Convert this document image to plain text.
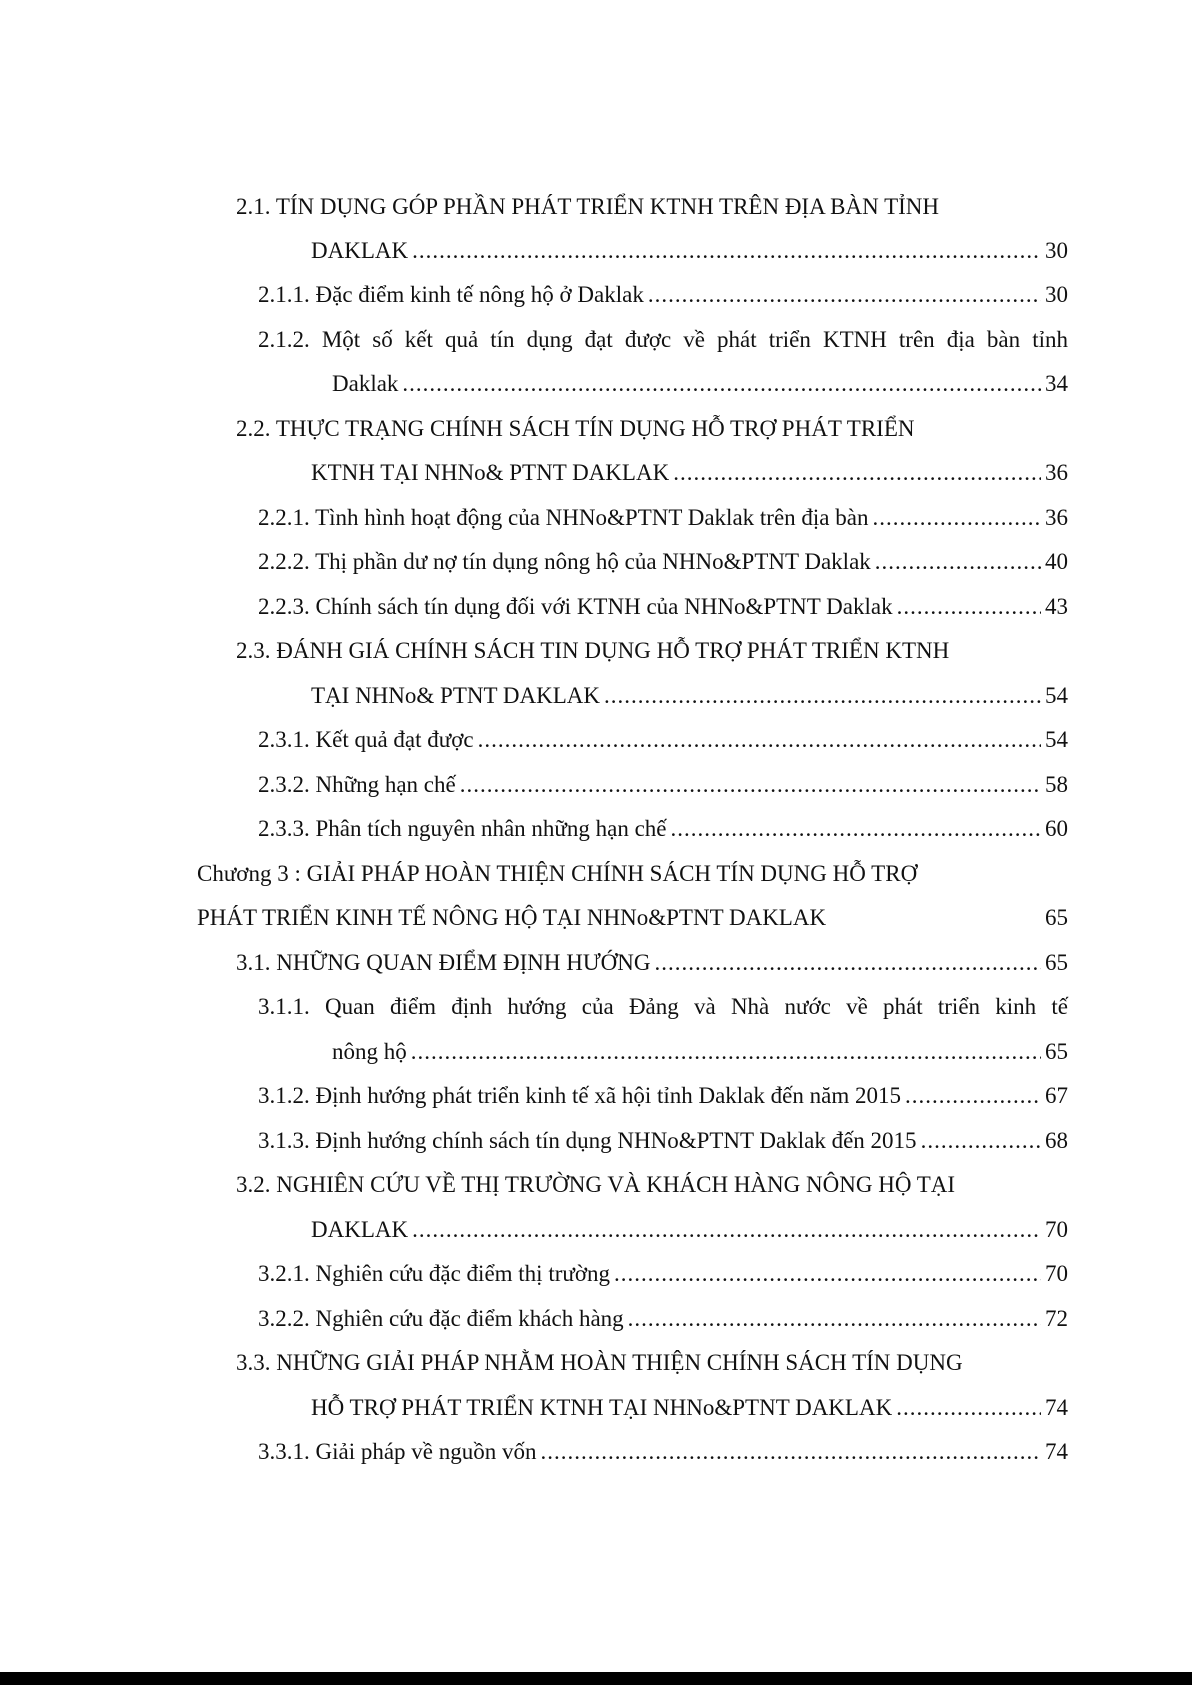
2.1. TÍN DỤNG GÓP PHẦN PHÁT TRIỂN KTNH TRÊN ĐỊA BÀN TỈNH
DAKLAK .....	30
2.1.1. Đặc điểm kinh tế nông hộ ở Daklak .....	30
2.1.2. Một số kết quả tín dụng đạt được về phát triển KTNH trên địa bàn tỉnh
Daklak .....	34
2.2. THỰC TRẠNG CHÍNH SÁCH TÍN DỤNG HỖ TRỢ PHÁT TRIỂN
KTNH TẠI NHNo& PTNT DAKLAK .....	36
2.2.1. Tình hình hoạt động của NHNo&PTNT Daklak trên địa bàn .....	36
2.2.2. Thị phần dư nợ tín dụng nông hộ của NHNo&PTNT Daklak .....	40
2.2.3. Chính sách tín dụng đối với KTNH của NHNo&PTNT Daklak .....	43
2.3. ĐÁNH GIÁ CHÍNH SÁCH TIN DỤNG HỖ TRỢ PHÁT TRIỂN KTNH
TẠI NHNo& PTNT DAKLAK .....	54
2.3.1. Kết quả đạt được .....	54
2.3.2. Những hạn chế .....	58
2.3.3. Phân tích nguyên nhân những hạn chế .....	60
Chương 3 : GIẢI PHÁP HOÀN THIỆN CHÍNH SÁCH TÍN DỤNG HỖ TRỢ
PHÁT TRIỂN KINH TẾ NÔNG HỘ TẠI NHNo&PTNT DAKLAK	65
3.1. NHỮNG QUAN ĐIỂM ĐỊNH HƯỚNG .....	65
3.1.1. Quan điểm định hướng của Đảng và Nhà nước về phát triển kinh tế
nông hộ .....	65
3.1.2. Định hướng phát triển kinh tế xã hội tỉnh Daklak đến năm 2015 .....	67
3.1.3. Định hướng chính sách tín dụng NHNo&PTNT Daklak đến 2015 .....	68
3.2. NGHIÊN CỨU VỀ THỊ TRƯỜNG VÀ KHÁCH HÀNG NÔNG HỘ TẠI
DAKLAK .....	70
3.2.1. Nghiên cứu đặc điểm thị trường .....	70
3.2.2. Nghiên cứu đặc điểm khách hàng .....	72
3.3. NHỮNG GIẢI PHÁP NHẰM HOÀN THIỆN CHÍNH SÁCH TÍN DỤNG
HỖ TRỢ PHÁT TRIỂN KTNH TẠI NHNo&PTNT DAKLAK .....	74
3.3.1. Giải pháp về nguồn vốn .....	74
